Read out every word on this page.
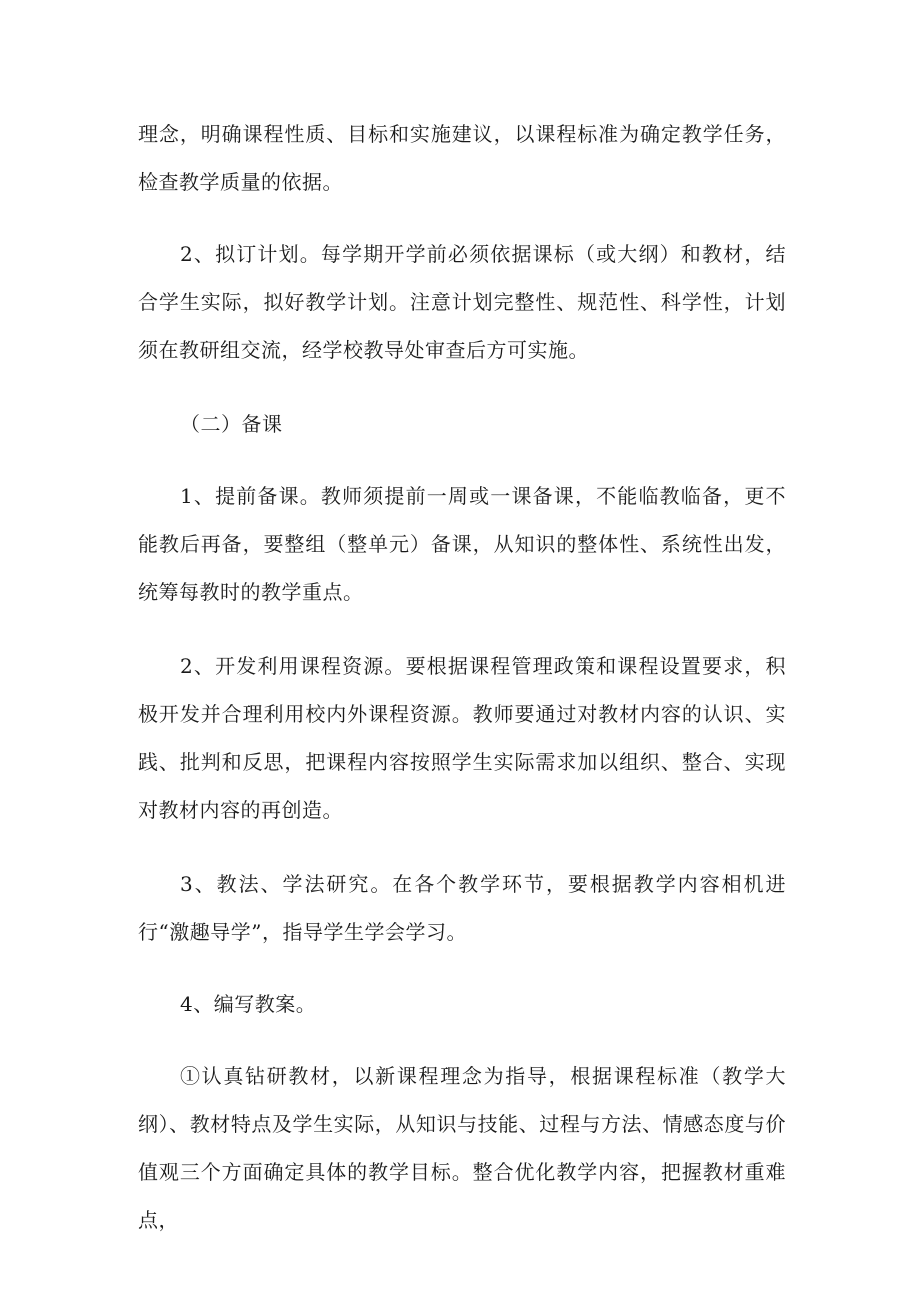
理念，明确课程性质、目标和实施建议，以课程标准为确定教学任务，检查教学质量的依据。

2、拟订计划。每学期开学前必须依据课标（或大纲）和教材，结合学生实际，拟好教学计划。注意计划完整性、规范性、科学性，计划须在教研组交流，经学校教导处审查后方可实施。

（二）备课

1、提前备课。教师须提前一周或一课备课，不能临教临备，更不能教后再备，要整组（整单元）备课，从知识的整体性、系统性出发，统筹每教时的教学重点。

2、开发利用课程资源。要根据课程管理政策和课程设置要求，积极开发并合理利用校内外课程资源。教师要通过对教材内容的认识、实践、批判和反思，把课程内容按照学生实际需求加以组织、整合、实现对教材内容的再创造。

3、教法、学法研究。在各个教学环节，要根据教学内容相机进行“激趣导学”，指导学生学会学习。

4、编写教案。

①认真钻研教材，以新课程理念为指导，根据课程标准（教学大纲）、教材特点及学生实际，从知识与技能、过程与方法、情感态度与价值观三个方面确定具体的教学目标。整合优化教学内容，把握教材重难点，
